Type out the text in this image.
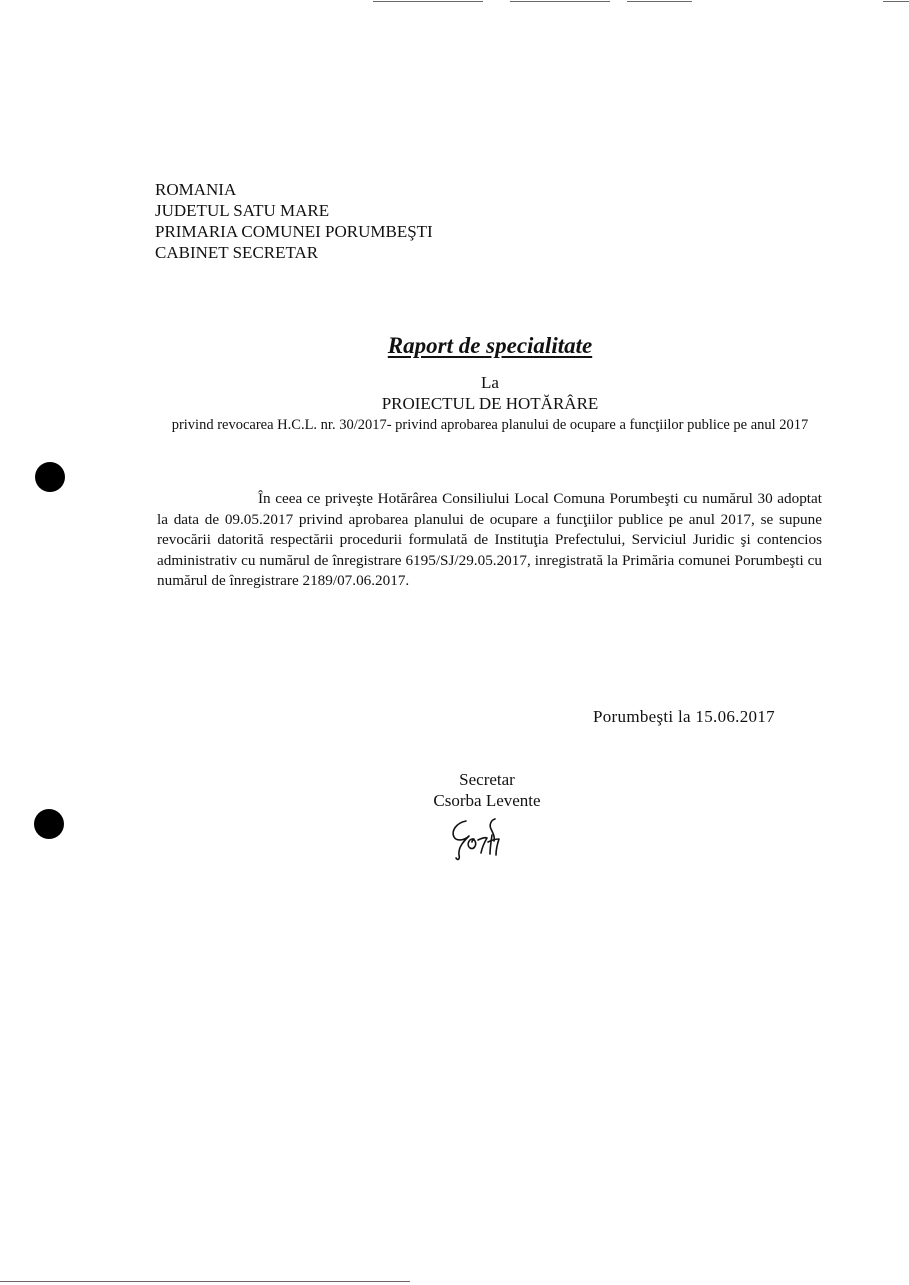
ROMANIA
JUDETUL SATU MARE
PRIMARIA COMUNEI PORUMBEŞTI
CABINET SECRETAR
Raport de specialitate
La
PROIECTUL DE HOTĂRÂRE
privind revocarea H.C.L. nr. 30/2017- privind aprobarea planului de ocupare a funcţiilor publice pe anul 2017
În ceea ce priveşte Hotărârea Consiliului Local Comuna Porumbeşti cu numărul 30 adoptat la data de 09.05.2017 privind aprobarea planului de ocupare a funcţiilor publice pe anul 2017, se supune revocării datorită respectării procedurii formulată de Instituţia Prefectului, Serviciul Juridic şi contencios administrativ cu numărul de înregistrare 6195/SJ/29.05.2017, inregistrată la Primăria comunei Porumbeşti cu numărul de înregistrare 2189/07.06.2017.
Porumbeşti la 15.06.2017
Secretar
Csorba Levente
